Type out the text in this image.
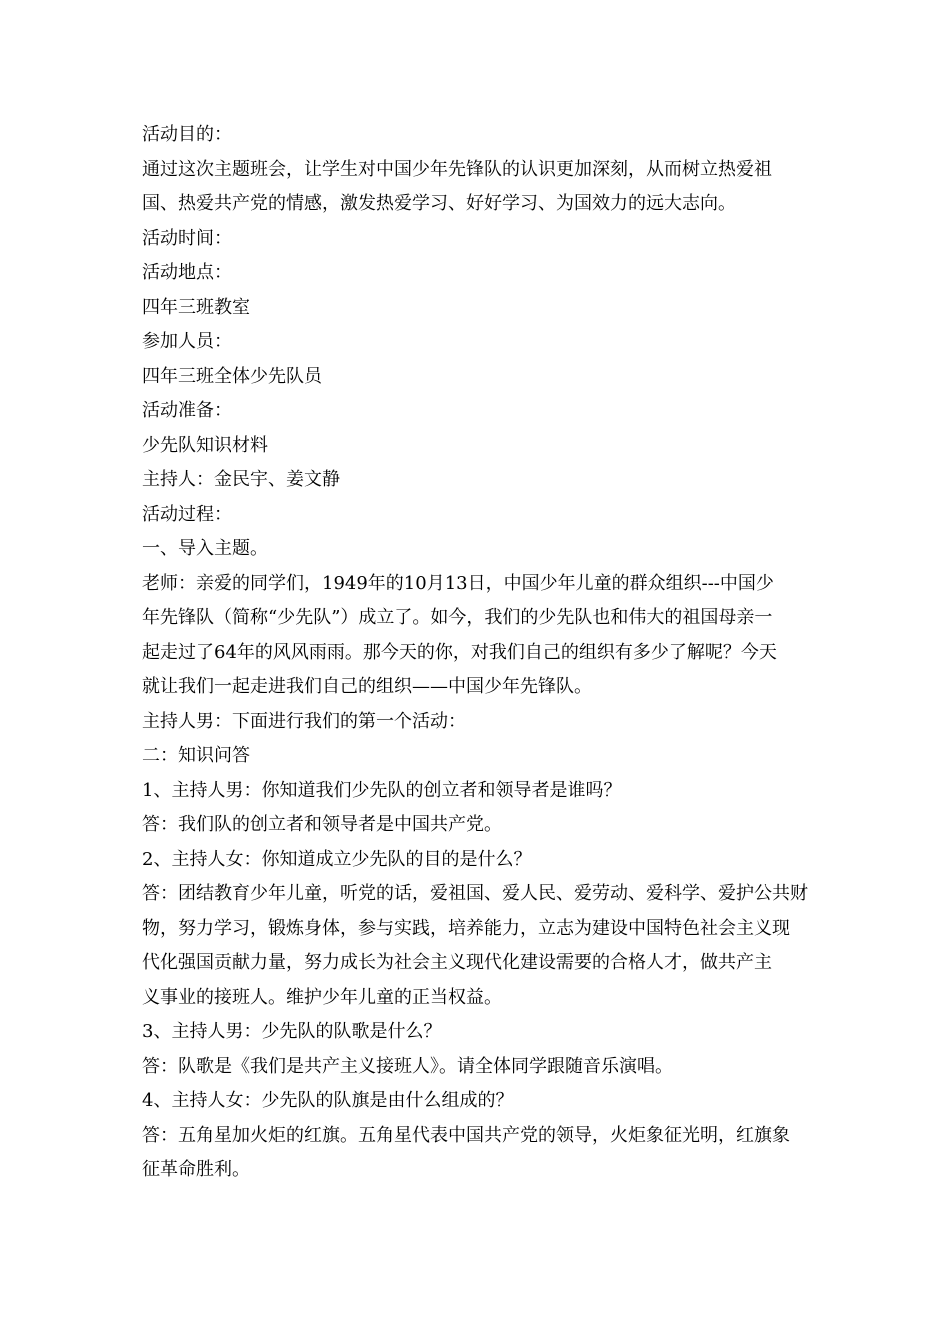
活动目的：
通过这次主题班会，让学生对中国少年先锋队的认识更加深刻，从而树立热爱祖
国、热爱共产党的情感，激发热爱学习、好好学习、为国效力的远大志向。
活动时间：
活动地点：
四年三班教室
参加人员：
四年三班全体少先队员
活动准备：
少先队知识材料
主持人：金民宇、姜文静
活动过程：
一、导入主题。
老师：亲爱的同学们，1949年的10月13日，中国少年儿童的群众组织---中国少
年先锋队（简称“少先队”）成立了。如今，我们的少先队也和伟大的祖国母亲一
起走过了64年的风风雨雨。那今天的你，对我们自己的组织有多少了解呢？今天
就让我们一起走进我们自己的组织——中国少年先锋队。
主持人男：下面进行我们的第一个活动：
二：知识问答
1、主持人男：你知道我们少先队的创立者和领导者是谁吗？
答：我们队的创立者和领导者是中国共产党。
2、主持人女：你知道成立少先队的目的是什么？
答：团结教育少年儿童，听党的话，爱祖国、爱人民、爱劳动、爱科学、爱护公共财
物，努力学习，锻炼身体，参与实践，培养能力，立志为建设中国特色社会主义现
代化强国贡献力量，努力成长为社会主义现代化建设需要的合格人才，做共产主
义事业的接班人。维护少年儿童的正当权益。
3、主持人男：少先队的队歌是什么？
答：队歌是《我们是共产主义接班人》。请全体同学跟随音乐演唱。
4、主持人女：少先队的队旗是由什么组成的？
答：五角星加火炬的红旗。五角星代表中国共产党的领导，火炬象征光明，红旗象
征革命胜利。
